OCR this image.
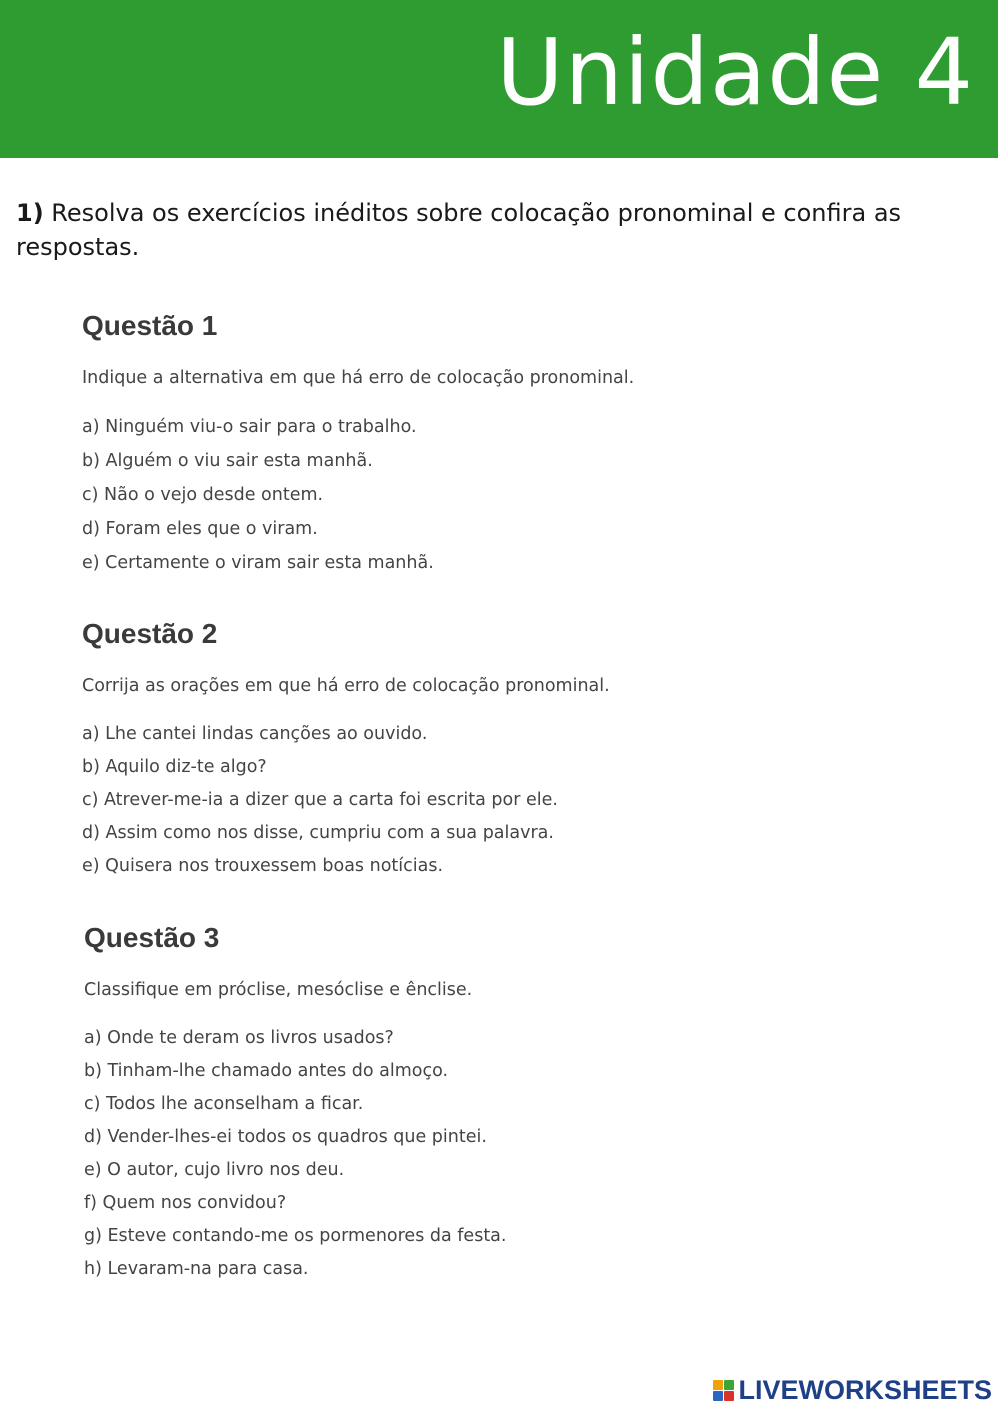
Unidade 4
1) Resolva os exercícios inéditos sobre colocação pronominal e confira as respostas.
Questão 1
Indique a alternativa em que há erro de colocação pronominal.
a) Ninguém viu-o sair para o trabalho.
b) Alguém o viu sair esta manhã.
c) Não o vejo desde ontem.
d) Foram eles que o viram.
e) Certamente o viram sair esta manhã.
Questão 2
Corrija as orações em que há erro de colocação pronominal.
a) Lhe cantei lindas canções ao ouvido.
b) Aquilo diz-te algo?
c) Atrever-me-ia a dizer que a carta foi escrita por ele.
d) Assim como nos disse, cumpriu com a sua palavra.
e) Quisera nos trouxessem boas notícias.
Questão 3
Classifique em próclise, mesóclise e ênclise.
a) Onde te deram os livros usados?
b) Tinham-lhe chamado antes do almoço.
c) Todos lhe aconselham a ficar.
d) Vender-lhes-ei todos os quadros que pintei.
e) O autor, cujo livro nos deu.
f) Quem nos convidou?
g) Esteve contando-me os pormenores da festa.
h) Levaram-na para casa.
LIVEWORKSHEETS
